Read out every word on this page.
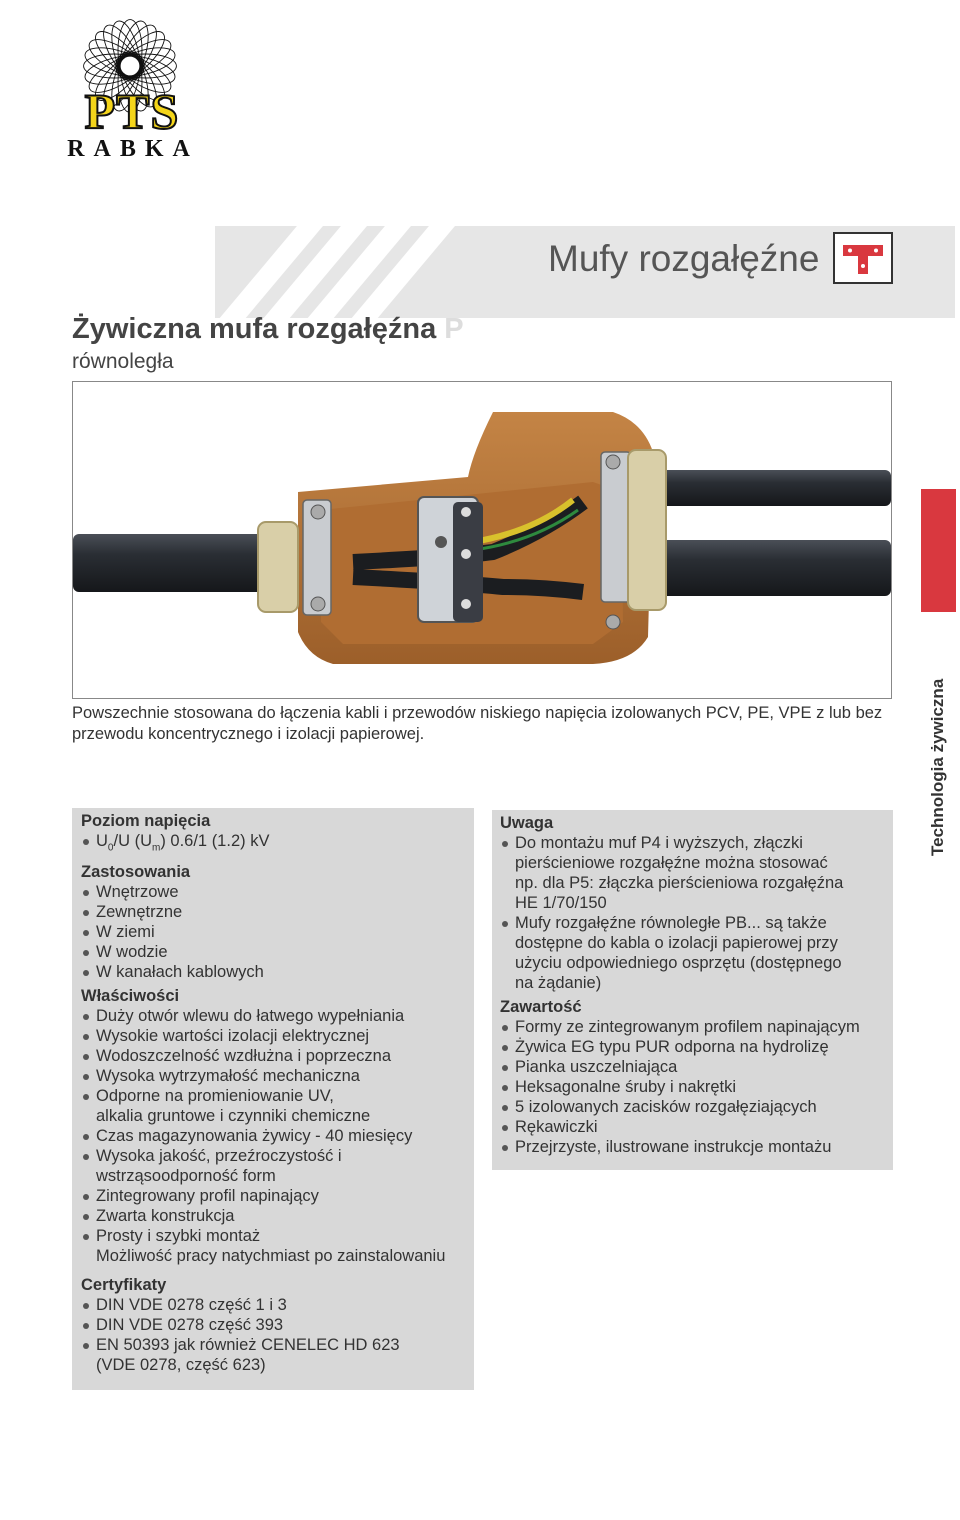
PTS
RABKA
Mufy rozgałęźne
Żywiczna mufa rozgałęźna P
równoległa
Powszechnie stosowana do łączenia kabli i przewodów niskiego napięcia izolowanych PCV, PE, VPE z lub bez przewodu koncentrycznego i izolacji papierowej.
Poziom napięcia
$U_0/U$ $(U_m)$ 0.6/1 (1.2) kV
Zastosowania
Wnętrzowe
Zewnętrzne
W ziemi
W wodzie
W kanałach kablowych
Właściwości
Duży otwór wlewu do łatwego wypełniania
Wysokie wartości izolacji elektrycznej
Wodoszczelność wzdłużna i poprzeczna
Wysoka wytrzymałość mechaniczna
Odporne na promieniowanie UV,
alkalia gruntowe i czynniki chemiczne
Czas magazynowania żywicy - 40 miesięcy
Wysoka jakość, przeźroczystość i
wstrząsoodporność form
Zintegrowany profil napinający
Zwarta konstrukcja
Prosty i szybki montaż
Możliwość pracy natychmiast po zainstalowaniu
Certyfikaty
DIN VDE 0278 część 1 i 3
DIN VDE 0278 część 393
EN 50393 jak również CENELEC HD 623
(VDE 0278, część 623)
Uwaga
Do montażu muf P4 i wyższych, złączki
pierścieniowe rozgałęźne można stosować
np. dla P5: złączka pierścieniowa rozgałęźna
HE 1/70/150
Mufy rozgałęźne równoległe PB... są także
dostępne do kabla o izolacji papierowej przy
użyciu odpowiedniego osprzętu (dostępnego
na żądanie)
Zawartość
Formy ze zintegrowanym profilem napinającym
Żywica EG typu PUR odporna na hydrolizę
Pianka uszczelniająca
Heksagonalne śruby i nakrętki
5 izolowanych zacisków rozgałęziających
Rękawiczki
Przejrzyste, ilustrowane instrukcje montażu
Technologia żywiczna
